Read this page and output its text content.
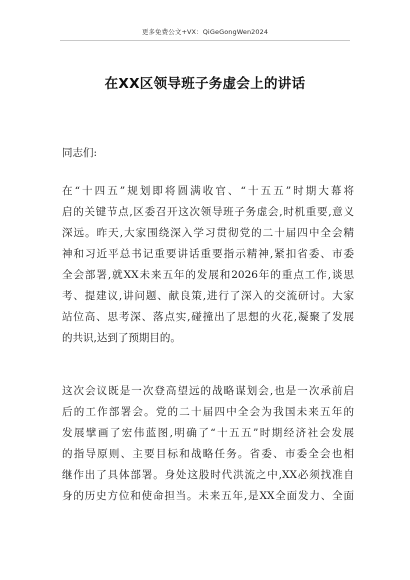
更多免费公文+VX：QiGeGongWen2024
在XX区领导班子务虚会上的讲话
同志们:
在“十四五”规划即将圆满收官、“十五五”时期大幕将
启的关键节点,区委召开这次领导班子务虚会,时机重要,意义
深远。昨天,大家围绕深入学习贯彻党的二十届四中全会精
神和习近平总书记重要讲话重要指示精神,紧扣省委、市委
全会部署,就XX未来五年的发展和2026年的重点工作,谈思
考、提建议,讲问题、献良策,进行了深入的交流研讨。大家
站位高、思考深、落点实,碰撞出了思想的火花,凝聚了发展
的共识,达到了预期目的。
这次会议既是一次登高望远的战略谋划会,也是一次承前启
后的工作部署会。党的二十届四中全会为我国未来五年的
发展擘画了宏伟蓝图,明确了“十五五”时期经济社会发展
的指导原则、主要目标和战略任务。省委、市委全会也相
继作出了具体部署。身处这股时代洪流之中,XX必须找准自
身的历史方位和使命担当。未来五年,是XX全面发力、全面
